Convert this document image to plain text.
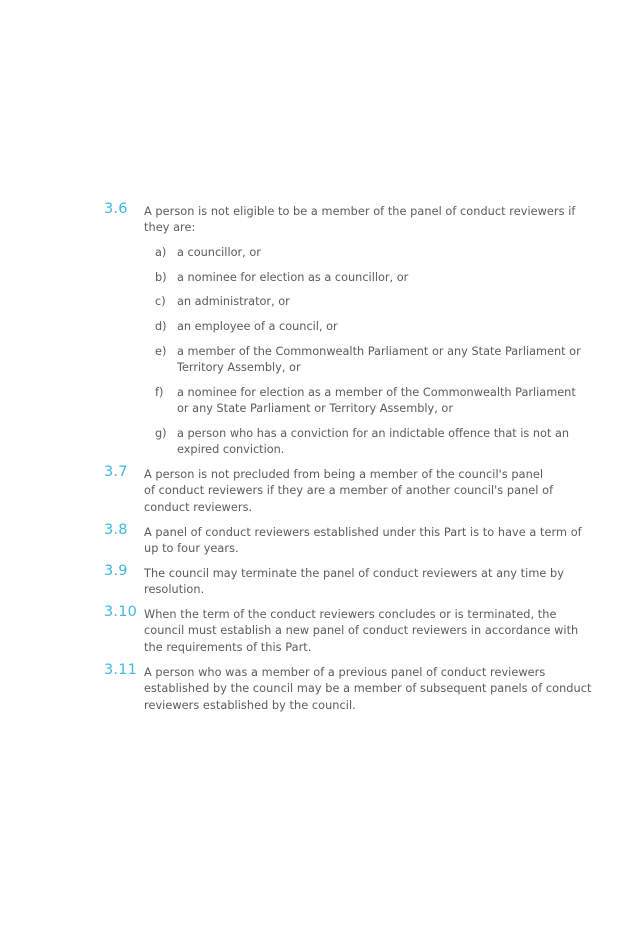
3.6 A person is not eligible to be a member of the panel of conduct reviewers if
they are:
a) a councillor, or
b) a nominee for election as a councillor, or
c) an administrator, or
d) an employee of a council, or
e) a member of the Commonwealth Parliament or any State Parliament or
Territory Assembly, or
f) a nominee for election as a member of the Commonwealth Parliament
or any State Parliament or Territory Assembly, or
g) a person who has a conviction for an indictable offence that is not an
expired conviction.
3.7 A person is not precluded from being a member of the council's panel
of conduct reviewers if they are a member of another council's panel of
conduct reviewers.
3.8 A panel of conduct reviewers established under this Part is to have a term of
up to four years.
3.9 The council may terminate the panel of conduct reviewers at any time by
resolution.
3.10 When the term of the conduct reviewers concludes or is terminated, the
council must establish a new panel of conduct reviewers in accordance with
the requirements of this Part.
3.11 A person who was a member of a previous panel of conduct reviewers
established by the council may be a member of subsequent panels of conduct
reviewers established by the council.
